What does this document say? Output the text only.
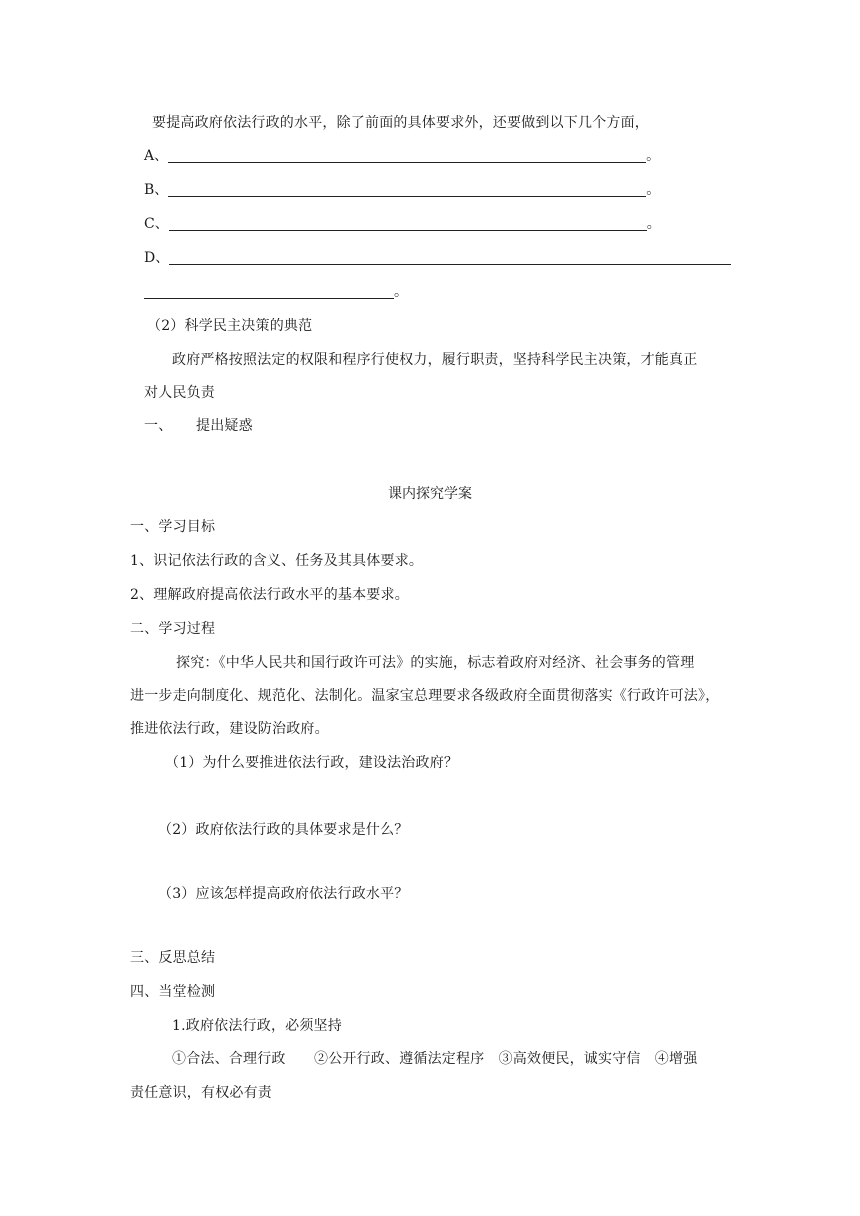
要提高政府依法行政的水平，除了前面的具体要求外，还要做到以下几个方面，
A、	。
B、	。
C、	。
D、
。
（2）科学民主决策的典范
政府严格按照法定的权限和程序行使权力，履行职责，坚持科学民主决策，才能真正
对人民负责
一、 提出疑惑
课内探究学案
一、学习目标
1、识记依法行政的含义、任务及其具体要求。
2、理解政府提高依法行政水平的基本要求。
二、学习过程
探究：《中华人民共和国行政许可法》的实施，标志着政府对经济、社会事务的管理
进一步走向制度化、规范化、法制化。温家宝总理要求各级政府全面贯彻落实《行政许可法》，
推进依法行政，建设防治政府。
（1）为什么要推进依法行政，建设法治政府？
（2）政府依法行政的具体要求是什么？
（3）应该怎样提高政府依法行政水平？
三、反思总结
四、当堂检测
1.政府依法行政，必须坚持
①合法、合理行政　　②公开行政、遵循法定程序　③高效便民，诚实守信　④增强
责任意识，有权必有责
